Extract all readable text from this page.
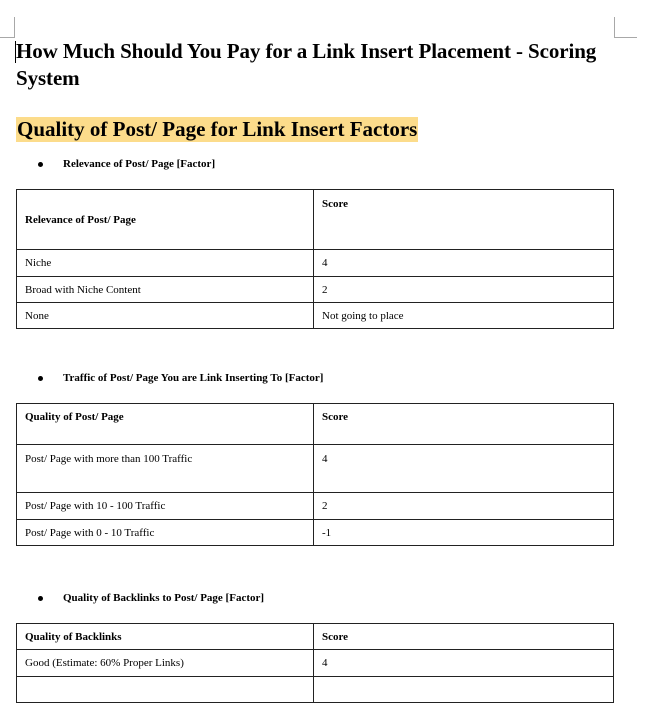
How Much Should You Pay for a Link Insert Placement - Scoring System
Quality of Post/ Page for Link Insert Factors
Relevance of Post/ Page [Factor]
Relevance of Post/ Page	Score
Niche	4
Broad with Niche Content	2
None	Not going to place
Traffic of Post/ Page You are Link Inserting To [Factor]
Quality of Post/ Page	Score
Post/ Page with more than 100 Traffic	4
Post/ Page with 10 - 100 Traffic	2
Post/ Page with 0 - 10 Traffic	-1
Quality of Backlinks to Post/ Page [Factor]
Quality of Backlinks	Score
Good (Estimate: 60% Proper Links)	4
